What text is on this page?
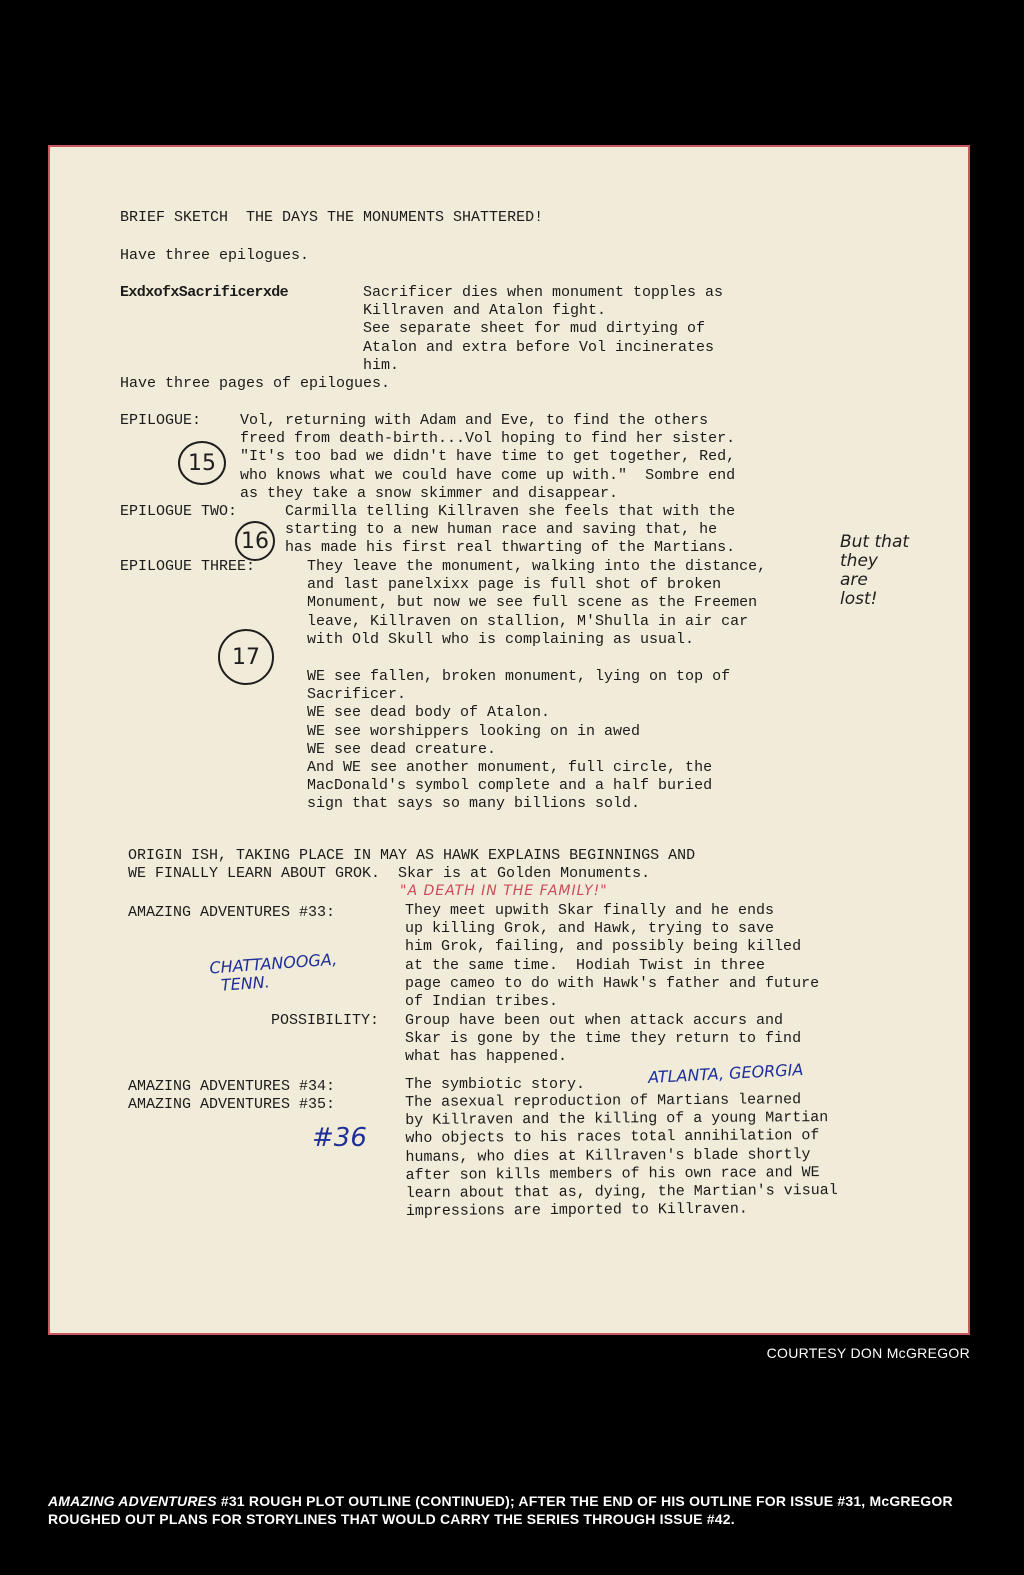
BRIEF SKETCH  THE DAYS THE MONUMENTS SHATTERED!
Have three epilogues.
ExdxofxSacrificerxde	Sacrificer dies when monument topples as
Killraven and Atalon fight.
See separate sheet for mud dirtying of
Atalon and extra before Vol incinerates
him.
Have three pages of epilogues.
EPILOGUE:	Vol, returning with Adam and Eve, to find the others
freed from death-birth...Vol hoping to find her sister.
"It's too bad we didn't have time to get together, Red,
who knows what we could have come up with."  Sombre end
as they take a snow skimmer and disappear.
15
EPILOGUE TWO:	Carmilla telling Killraven she feels that with the
starting to a new human race and saving that, he
has made his first real thwarting of the Martians.
16
EPILOGUE THREE:	They leave the monument, walking into the distance,
and last panelxixx page is full shot of broken
Monument, but now we see full scene as the Freemen
leave, Killraven on stallion, M'Shulla in air car
with Old Skull who is complaining as usual.
17
WE see fallen, broken monument, lying on top of
Sacrificer.
WE see dead body of Atalon.
WE see worshippers looking on in awed
WE see dead creature.
And WE see another monument, full circle, the
MacDonald's symbol complete and a half buried
sign that says so many billions sold.
But that
they
are
lost!
ORIGIN ISH, TAKING PLACE IN MAY AS HAWK EXPLAINS BEGINNINGS AND
WE FINALLY LEARN ABOUT GROK.  Skar is at Golden Monuments.
"A DEATH IN THE FAMILY!"
AMAZING ADVENTURES #33:	They meet upwith Skar finally and he ends
up killing Grok, and Hawk, trying to save
him Grok, failing, and possibly being killed
at the same time.  Hodiah Twist in three
page cameo to do with Hawk's father and future
of Indian tribes.
CHATTANOOGA,
TENN.
POSSIBILITY: Group have been out when attack accurs and
Skar is gone by the time they return to find
what has happened.
AMAZING ADVENTURES #34:	The symbiotic story.	ATLANTA, GEORGIA
AMAZING ADVENTURES #35:	The asexual reproduction of Martians learned
by Killraven and the killing of a young Martian
who objects to his races total annihilation of
humans, who dies at Killraven's blade shortly
after son kills members of his own race and WE
learn about that as, dying, the Martian's visual
impressions are imported to Killraven.
#36
COURTESY DON McGREGOR
AMAZING ADVENTURES #31 ROUGH PLOT OUTLINE (CONTINUED); AFTER THE END OF HIS OUTLINE FOR ISSUE #31, McGREGOR ROUGHED OUT PLANS FOR STORYLINES THAT WOULD CARRY THE SERIES THROUGH ISSUE #42.
